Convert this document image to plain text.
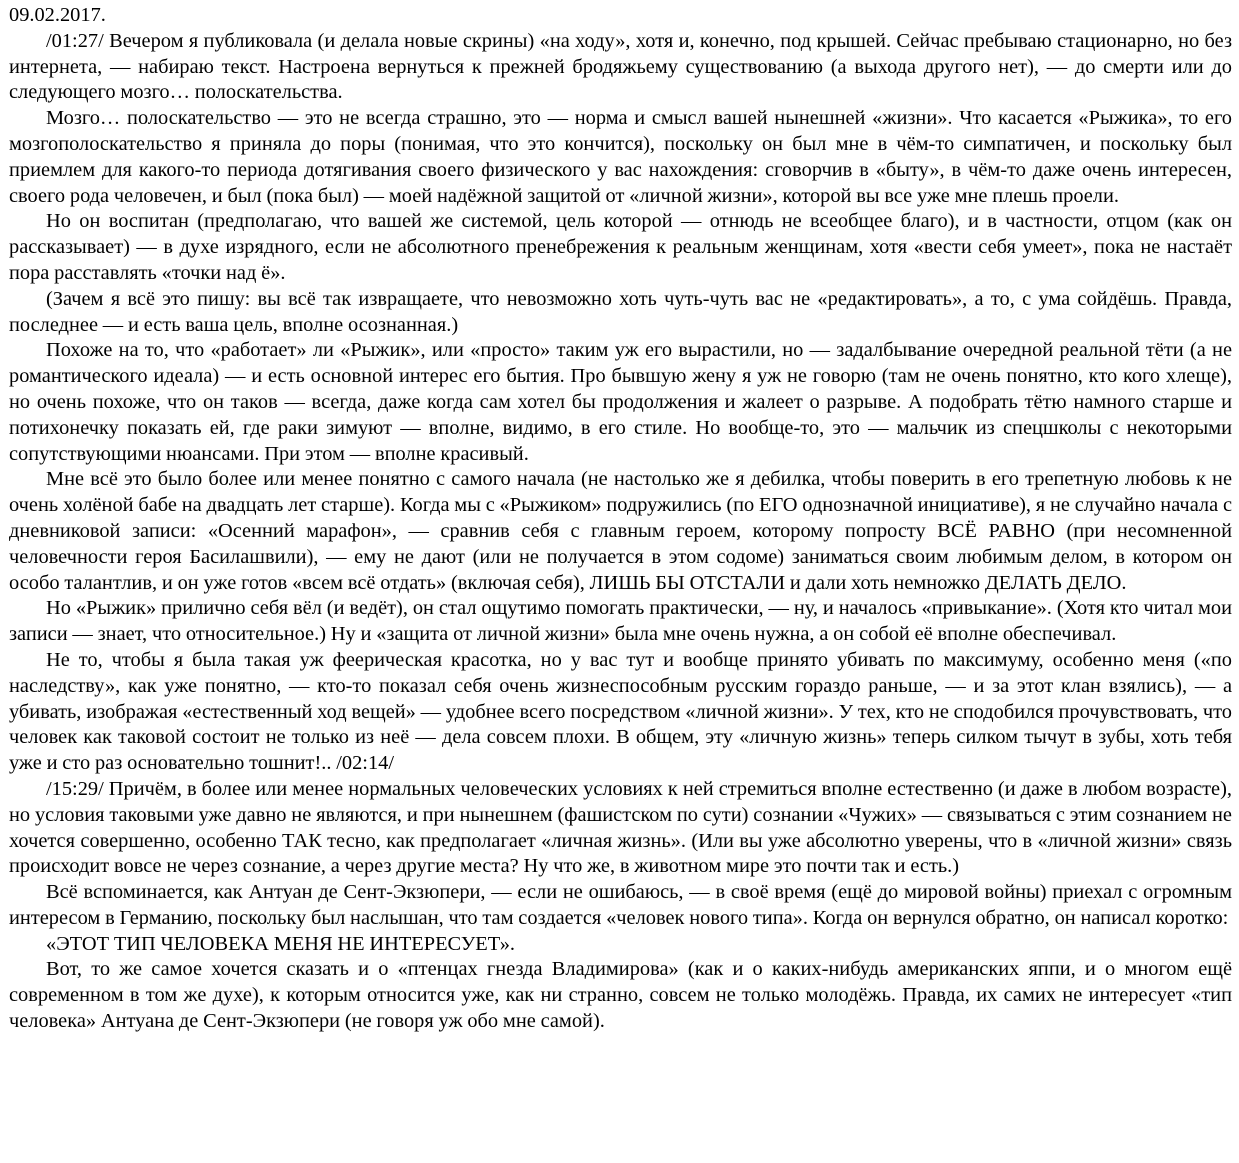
09.02.2017.

/01:27/ Вечером я публиковала (и делала новые скрины) «на ходу», хотя и, конечно, под крышей. Сейчас пребываю стационарно, но без интернета, — набираю текст. Настроена вернуться к прежней бродяжьему существованию (а выхода другого нет), — до смерти или до следующего мозго… полоскательства.

Мозго… полоскательство — это не всегда страшно, это — норма и смысл вашей нынешней «жизни». Что касается «Рыжика», то его мозгополоскательство я приняла до поры (понимая, что это кончится), поскольку он был мне в чём-то симпатичен, и поскольку был приемлем для какого-то периода дотягивания своего физического у вас нахождения: сговорчив в «быту», в чём-то даже очень интересен, своего рода человечен, и был (пока был) — моей надёжной защитой от «личной жизни», которой вы все уже мне плешь проели.

Но он воспитан (предполагаю, что вашей же системой, цель которой — отнюдь не всеобщее благо), и в частности, отцом (как он рассказывает) — в духе изрядного, если не абсолютного пренебрежения к реальным женщинам, хотя «вести себя умеет», пока не настаёт пора расставлять «точки над ё».

(Зачем я всё это пишу: вы всё так извращаете, что невозможно хоть чуть-чуть вас не «редактировать», а то, с ума сойдёшь. Правда, последнее — и есть ваша цель, вполне осознанная.)

Похоже на то, что «работает» ли «Рыжик», или «просто» таким уж его вырастили, но — задалбывание очередной реальной тёти (а не романтического идеала) — и есть основной интерес его бытия. Про бывшую жену я уж не говорю (там не очень понятно, кто кого хлеще), но очень похоже, что он таков — всегда, даже когда сам хотел бы продолжения и жалеет о разрыве. А подобрать тётю намного старше и потихонечку показать ей, где раки зимуют — вполне, видимо, в его стиле. Но вообще-то, это — мальчик из спецшколы с некоторыми сопутствующими нюансами. При этом — вполне красивый.

Мне всё это было более или менее понятно с самого начала (не настолько же я дебилка, чтобы поверить в его трепетную любовь к не очень холёной бабе на двадцать лет старше). Когда мы с «Рыжиком» подружились (по ЕГО однозначной инициативе), я не случайно начала с дневниковой записи: «Осенний марафон», — сравнив себя с главным героем, которому попросту ВСЁ РАВНО (при несомненной человечности героя Басилашвили), — ему не дают (или не получается в этом содоме) заниматься своим любимым делом, в котором он особо талантлив, и он уже готов «всем всё отдать» (включая себя), ЛИШЬ БЫ ОТСТАЛИ и дали хоть немножко ДЕЛАТЬ ДЕЛО.

Но «Рыжик» прилично себя вёл (и ведёт), он стал ощутимо помогать практически, — ну, и началось «привыкание». (Хотя кто читал мои записи — знает, что относительное.) Ну и «защита от личной жизни» была мне очень нужна, а он собой её вполне обеспечивал.

Не то, чтобы я была такая уж феерическая красотка, но у вас тут и вообще принято убивать по максимуму, особенно меня («по наследству», как уже понятно, — кто-то показал себя очень жизнеспособным русским гораздо раньше, — и за этот клан взялись), — а убивать, изображая «естественный ход вещей» — удобнее всего посредством «личной жизни». У тех, кто не сподобился прочувствовать, что человек как таковой состоит не только из неё — дела совсем плохи. В общем, эту «личную жизнь» теперь силком тычут в зубы, хоть тебя уже и сто раз основательно тошнит!.. /02:14/

/15:29/ Причём, в более или менее нормальных человеческих условиях к ней стремиться вполне естественно (и даже в любом возрасте), но условия таковыми уже давно не являются, и при нынешнем (фашистском по сути) сознании «Чужих» — связываться с этим сознанием не хочется совершенно, особенно ТАК тесно, как предполагает «личная жизнь». (Или вы уже абсолютно уверены, что в «личной жизни» связь происходит вовсе не через сознание, а через другие места? Ну что же, в животном мире это почти так и есть.)

Всё вспоминается, как Антуан де Сент-Экзюпери, — если не ошибаюсь, — в своё время (ещё до мировой войны) приехал с огромным интересом в Германию, поскольку был наслышан, что там создается «человек нового типа». Когда он вернулся обратно, он написал коротко:

«ЭТОТ ТИП ЧЕЛОВЕКА МЕНЯ НЕ ИНТЕРЕСУЕТ».

Вот, то же самое хочется сказать и о «птенцах гнезда Владимирова» (как и о каких-нибудь американских яппи, и о многом ещё современном в том же духе), к которым относится уже, как ни странно, совсем не только молодёжь. Правда, их самих не интересует «тип человека» Антуана де Сент-Экзюпери (не говоря уж обо мне самой).
